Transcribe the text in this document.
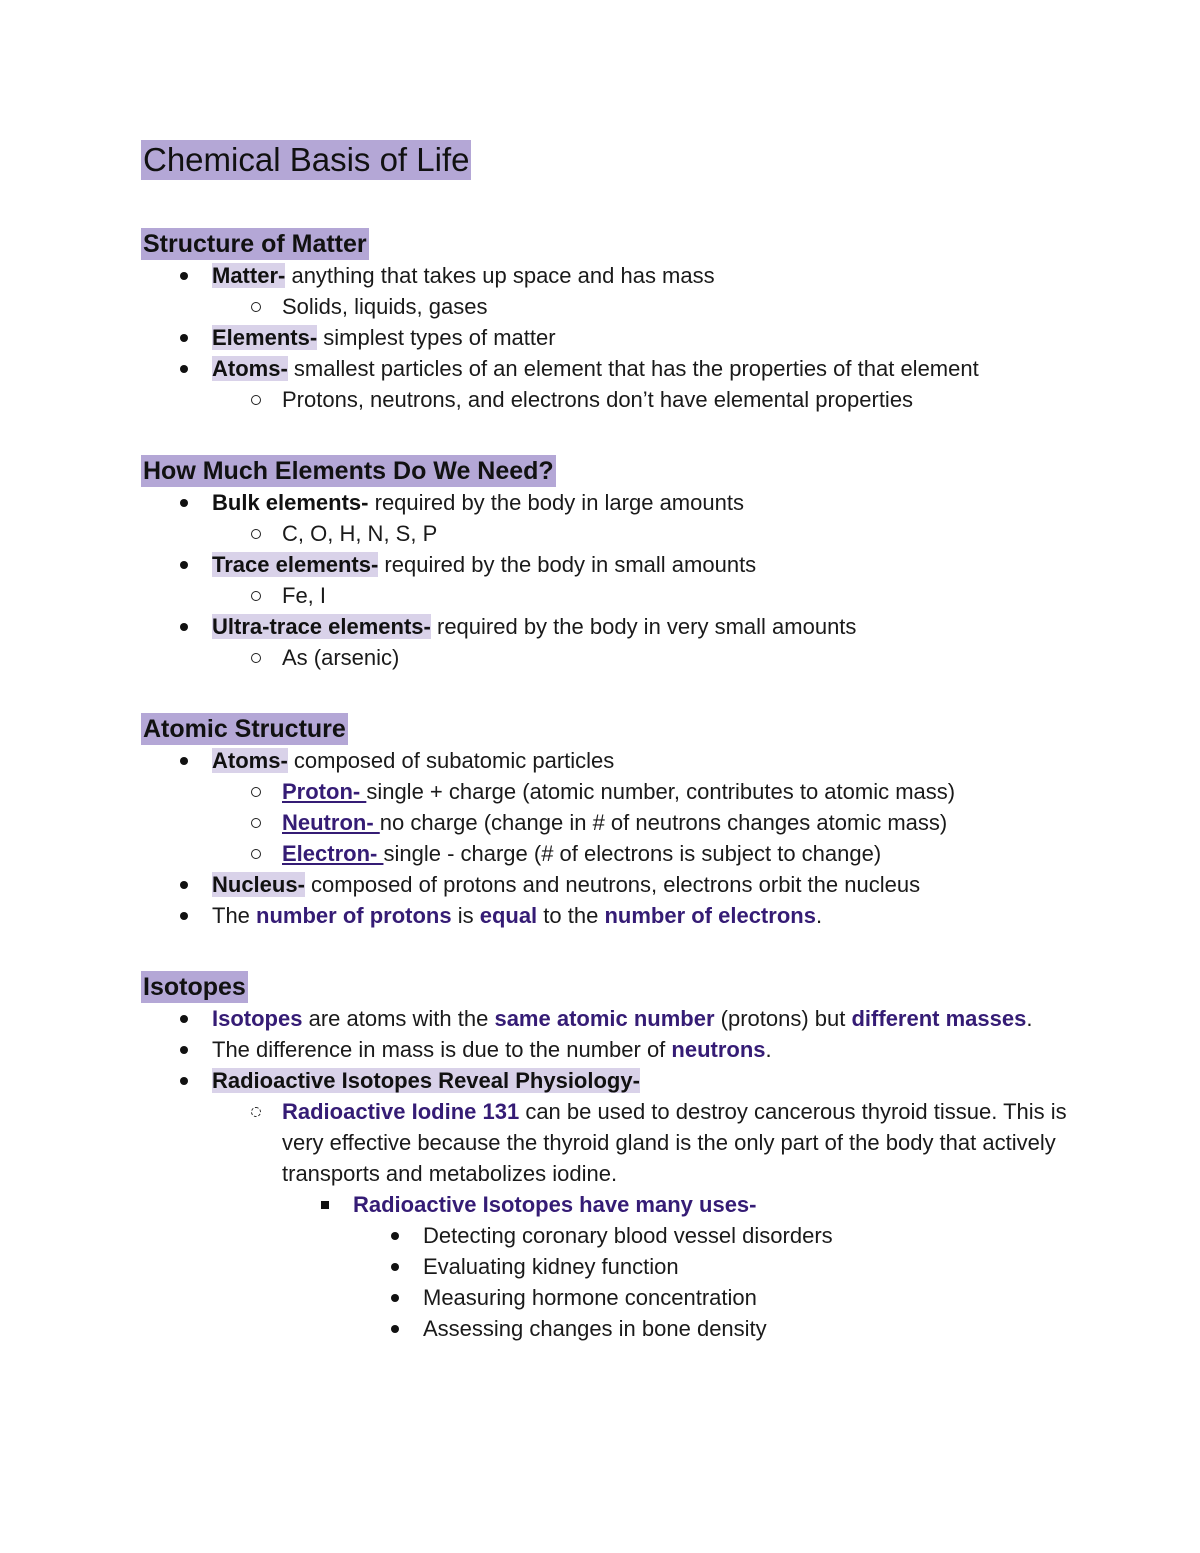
Chemical Basis of Life
Structure of Matter
Matter- anything that takes up space and has mass
Solids, liquids, gases
Elements- simplest types of matter
Atoms- smallest particles of an element that has the properties of that element
Protons, neutrons, and electrons don’t have elemental properties
How Much Elements Do We Need?
Bulk elements- required by the body in large amounts
C, O, H, N, S, P
Trace elements- required by the body in small amounts
Fe, I
Ultra-trace elements- required by the body in very small amounts
As (arsenic)
Atomic Structure
Atoms- composed of subatomic particles
Proton- single + charge (atomic number, contributes to atomic mass)
Neutron- no charge (change in # of neutrons changes atomic mass)
Electron- single - charge (# of electrons is subject to change)
Nucleus- composed of protons and neutrons, electrons orbit the nucleus
The number of protons is equal to the number of electrons.
Isotopes
Isotopes are atoms with the same atomic number (protons) but different masses.
The difference in mass is due to the number of neutrons.
Radioactive Isotopes Reveal Physiology-
Radioactive Iodine 131 can be used to destroy cancerous thyroid tissue. This is very effective because the thyroid gland is the only part of the body that actively transports and metabolizes iodine.
Radioactive Isotopes have many uses-
Detecting coronary blood vessel disorders
Evaluating kidney function
Measuring hormone concentration
Assessing changes in bone density
